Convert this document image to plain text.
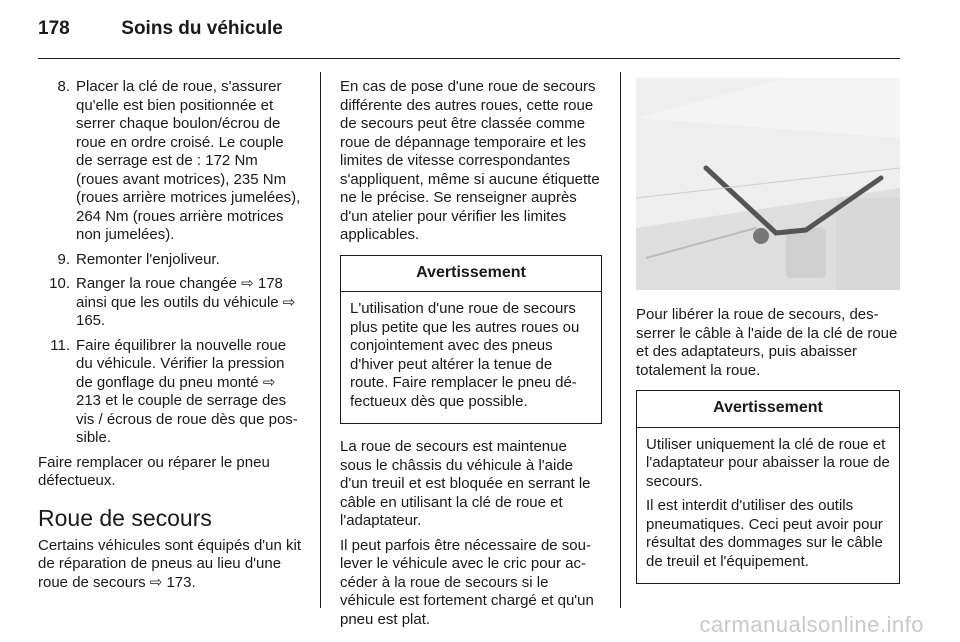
178	Soins du véhicule
8. Placer la clé de roue, s'assurer qu'elle est bien positionnée et serrer chaque boulon/écrou de roue en ordre croisé. Le couple de serrage est de : 172 Nm (roues avant motrices), 235 Nm (roues arrière motrices jumelées), 264 Nm (roues arrière motrices non jumelées).
9. Remonter l'enjoliveur.
10. Ranger la roue changée ⇨ 178 ainsi que les outils du véhicule ⇨ 165.
11. Faire équilibrer la nouvelle roue du véhicule. Vérifier la pression de gonflage du pneu monté ⇨ 213 et le couple de serrage des vis / écrous de roue dès que possible.

Faire remplacer ou réparer le pneu défectueux.

Roue de secours

Certains véhicules sont équipés d'un kit de réparation de pneus au lieu d'une roue de secours ⇨ 173.

En cas de pose d'une roue de secours différente des autres roues, cette roue de secours peut être classée comme roue de dépannage temporaire et les limites de vitesse correspondantes s'appliquent, même si aucune étiquette ne le précise. Se renseigner auprès d'un atelier pour vérifier les limites applicables.

Avertissement

L'utilisation d'une roue de secours plus petite que les autres roues ou conjointement avec des pneus d'hiver peut altérer la tenue de route. Faire remplacer le pneu défectueux dès que possible.

La roue de secours est maintenue sous le châssis du véhicule à l'aide d'un treuil et est bloquée en serrant le câble en utilisant la clé de roue et l'adaptateur.

Il peut parfois être nécessaire de soulever le véhicule avec le cric pour accéder à la roue de secours si le véhicule est fortement chargé et qu'un pneu est plat.

Pour libérer la roue de secours, desserrer le câble à l'aide de la clé de roue et des adaptateurs, puis abaisser totalement la roue.

Avertissement

Utiliser uniquement la clé de roue et l'adaptateur pour abaisser la roue de secours.

Il est interdit d'utiliser des outils pneumatiques. Ceci peut avoir pour résultat des dommages sur le câble de treuil et l'équipement.

carmanualsonline.info
